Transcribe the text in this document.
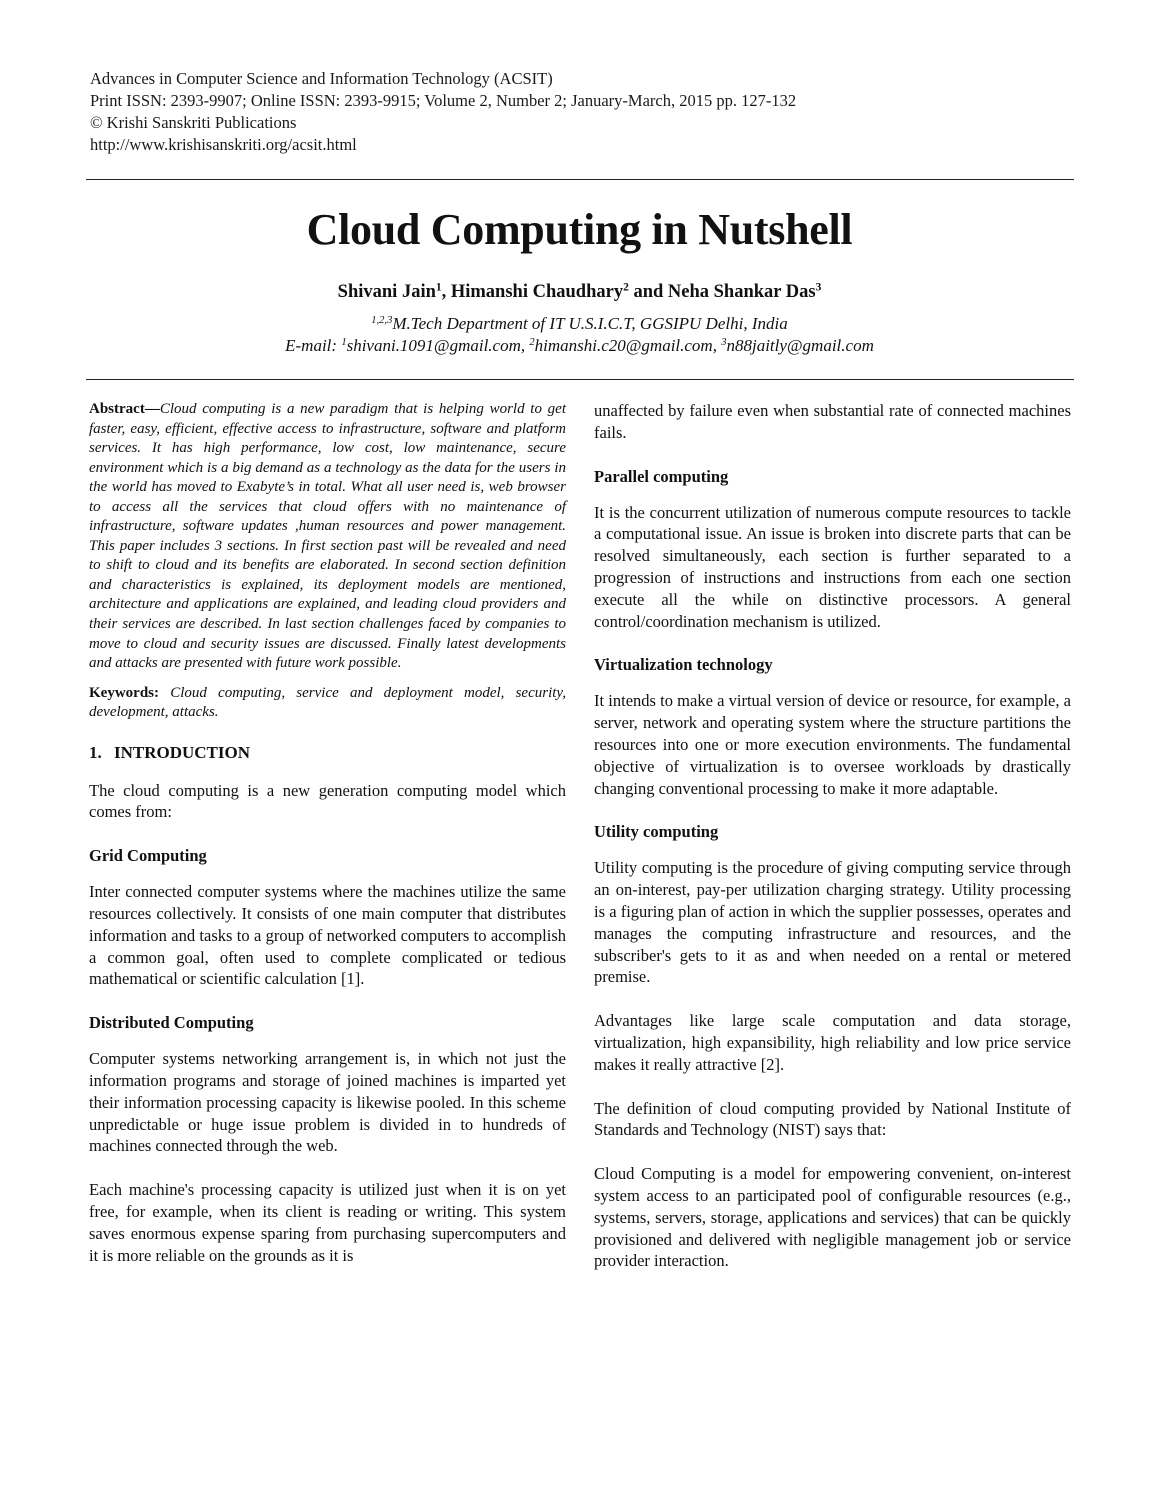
Advances in Computer Science and Information Technology (ACSIT)
Print ISSN: 2393-9907; Online ISSN: 2393-9915; Volume 2, Number 2; January-March, 2015 pp. 127-132
© Krishi Sanskriti Publications
http://www.krishisanskriti.org/acsit.html
Cloud Computing in Nutshell
Shivani Jain$^1$, Himanshi Chaudhary$^2$ and Neha Shankar Das$^3$
$^{1,2,3}$M.Tech Department of IT U.S.I.C.T, GGSIPU Delhi, India
E-mail: $^1$shivani.1091@gmail.com, $^2$himanshi.c20@gmail.com, $^3$n88jaitly@gmail.com

Abstract—Cloud computing is a new paradigm that is helping world to get faster, easy, efficient, effective access to infrastructure, software and platform services. It has high performance, low cost, low maintenance, secure environment which is a big demand as a technology as the data for the users in the world has moved to Exabyte’s in total. What all user need is, web browser to access all the services that cloud offers with no maintenance of infrastructure, software updates ,human resources and power management. This paper includes 3 sections. In first section past will be revealed and need to shift to cloud and its benefits are elaborated. In second section definition and characteristics is explained, its deployment models are mentioned, architecture and applications are explained, and leading cloud providers and their services are described. In last section challenges faced by companies to move to cloud and security issues are discussed. Finally latest developments and attacks are presented with future work possible.

Keywords: Cloud computing, service and deployment model, security, development, attacks.

1. INTRODUCTION

The cloud computing is a new generation computing model which comes from:

Grid Computing

Inter connected computer systems where the machines utilize the same resources collectively. It consists of one main computer that distributes information and tasks to a group of networked computers to accomplish a common goal, often used to complete complicated or tedious mathematical or scientific calculation [1].

Distributed Computing

Computer systems networking arrangement is, in which not just the information programs and storage of joined machines is imparted yet their information processing capacity is likewise pooled. In this scheme unpredictable or huge issue problem is divided in to hundreds of machines connected through the web.

Each machine's processing capacity is utilized just when it is on yet free, for example, when its client is reading or writing. This system saves enormous expense sparing from purchasing supercomputers and it is more reliable on the grounds as it is

unaffected by failure even when substantial rate of connected machines fails.

Parallel computing

It is the concurrent utilization of numerous compute resources to tackle a computational issue. An issue is broken into discrete parts that can be resolved simultaneously, each section is further separated to a progression of instructions and instructions from each one section execute all the while on distinctive processors. A general control/coordination mechanism is utilized.

Virtualization technology

It intends to make a virtual version of device or resource, for example, a server, network and operating system where the structure partitions the resources into one or more execution environments. The fundamental objective of virtualization is to oversee workloads by drastically changing conventional processing to make it more adaptable.

Utility computing

Utility computing is the procedure of giving computing service through an on-interest, pay-per utilization charging strategy. Utility processing is a figuring plan of action in which the supplier possesses, operates and manages the computing infrastructure and resources, and the subscriber's gets to it as and when needed on a rental or metered premise.

Advantages like large scale computation and data storage, virtualization, high expansibility, high reliability and low price service makes it really attractive [2].

The definition of cloud computing provided by National Institute of Standards and Technology (NIST) says that:

Cloud Computing is a model for empowering convenient, on-interest system access to an participated pool of configurable resources (e.g., systems, servers, storage, applications and services) that can be quickly provisioned and delivered with negligible management job or service provider interaction.
